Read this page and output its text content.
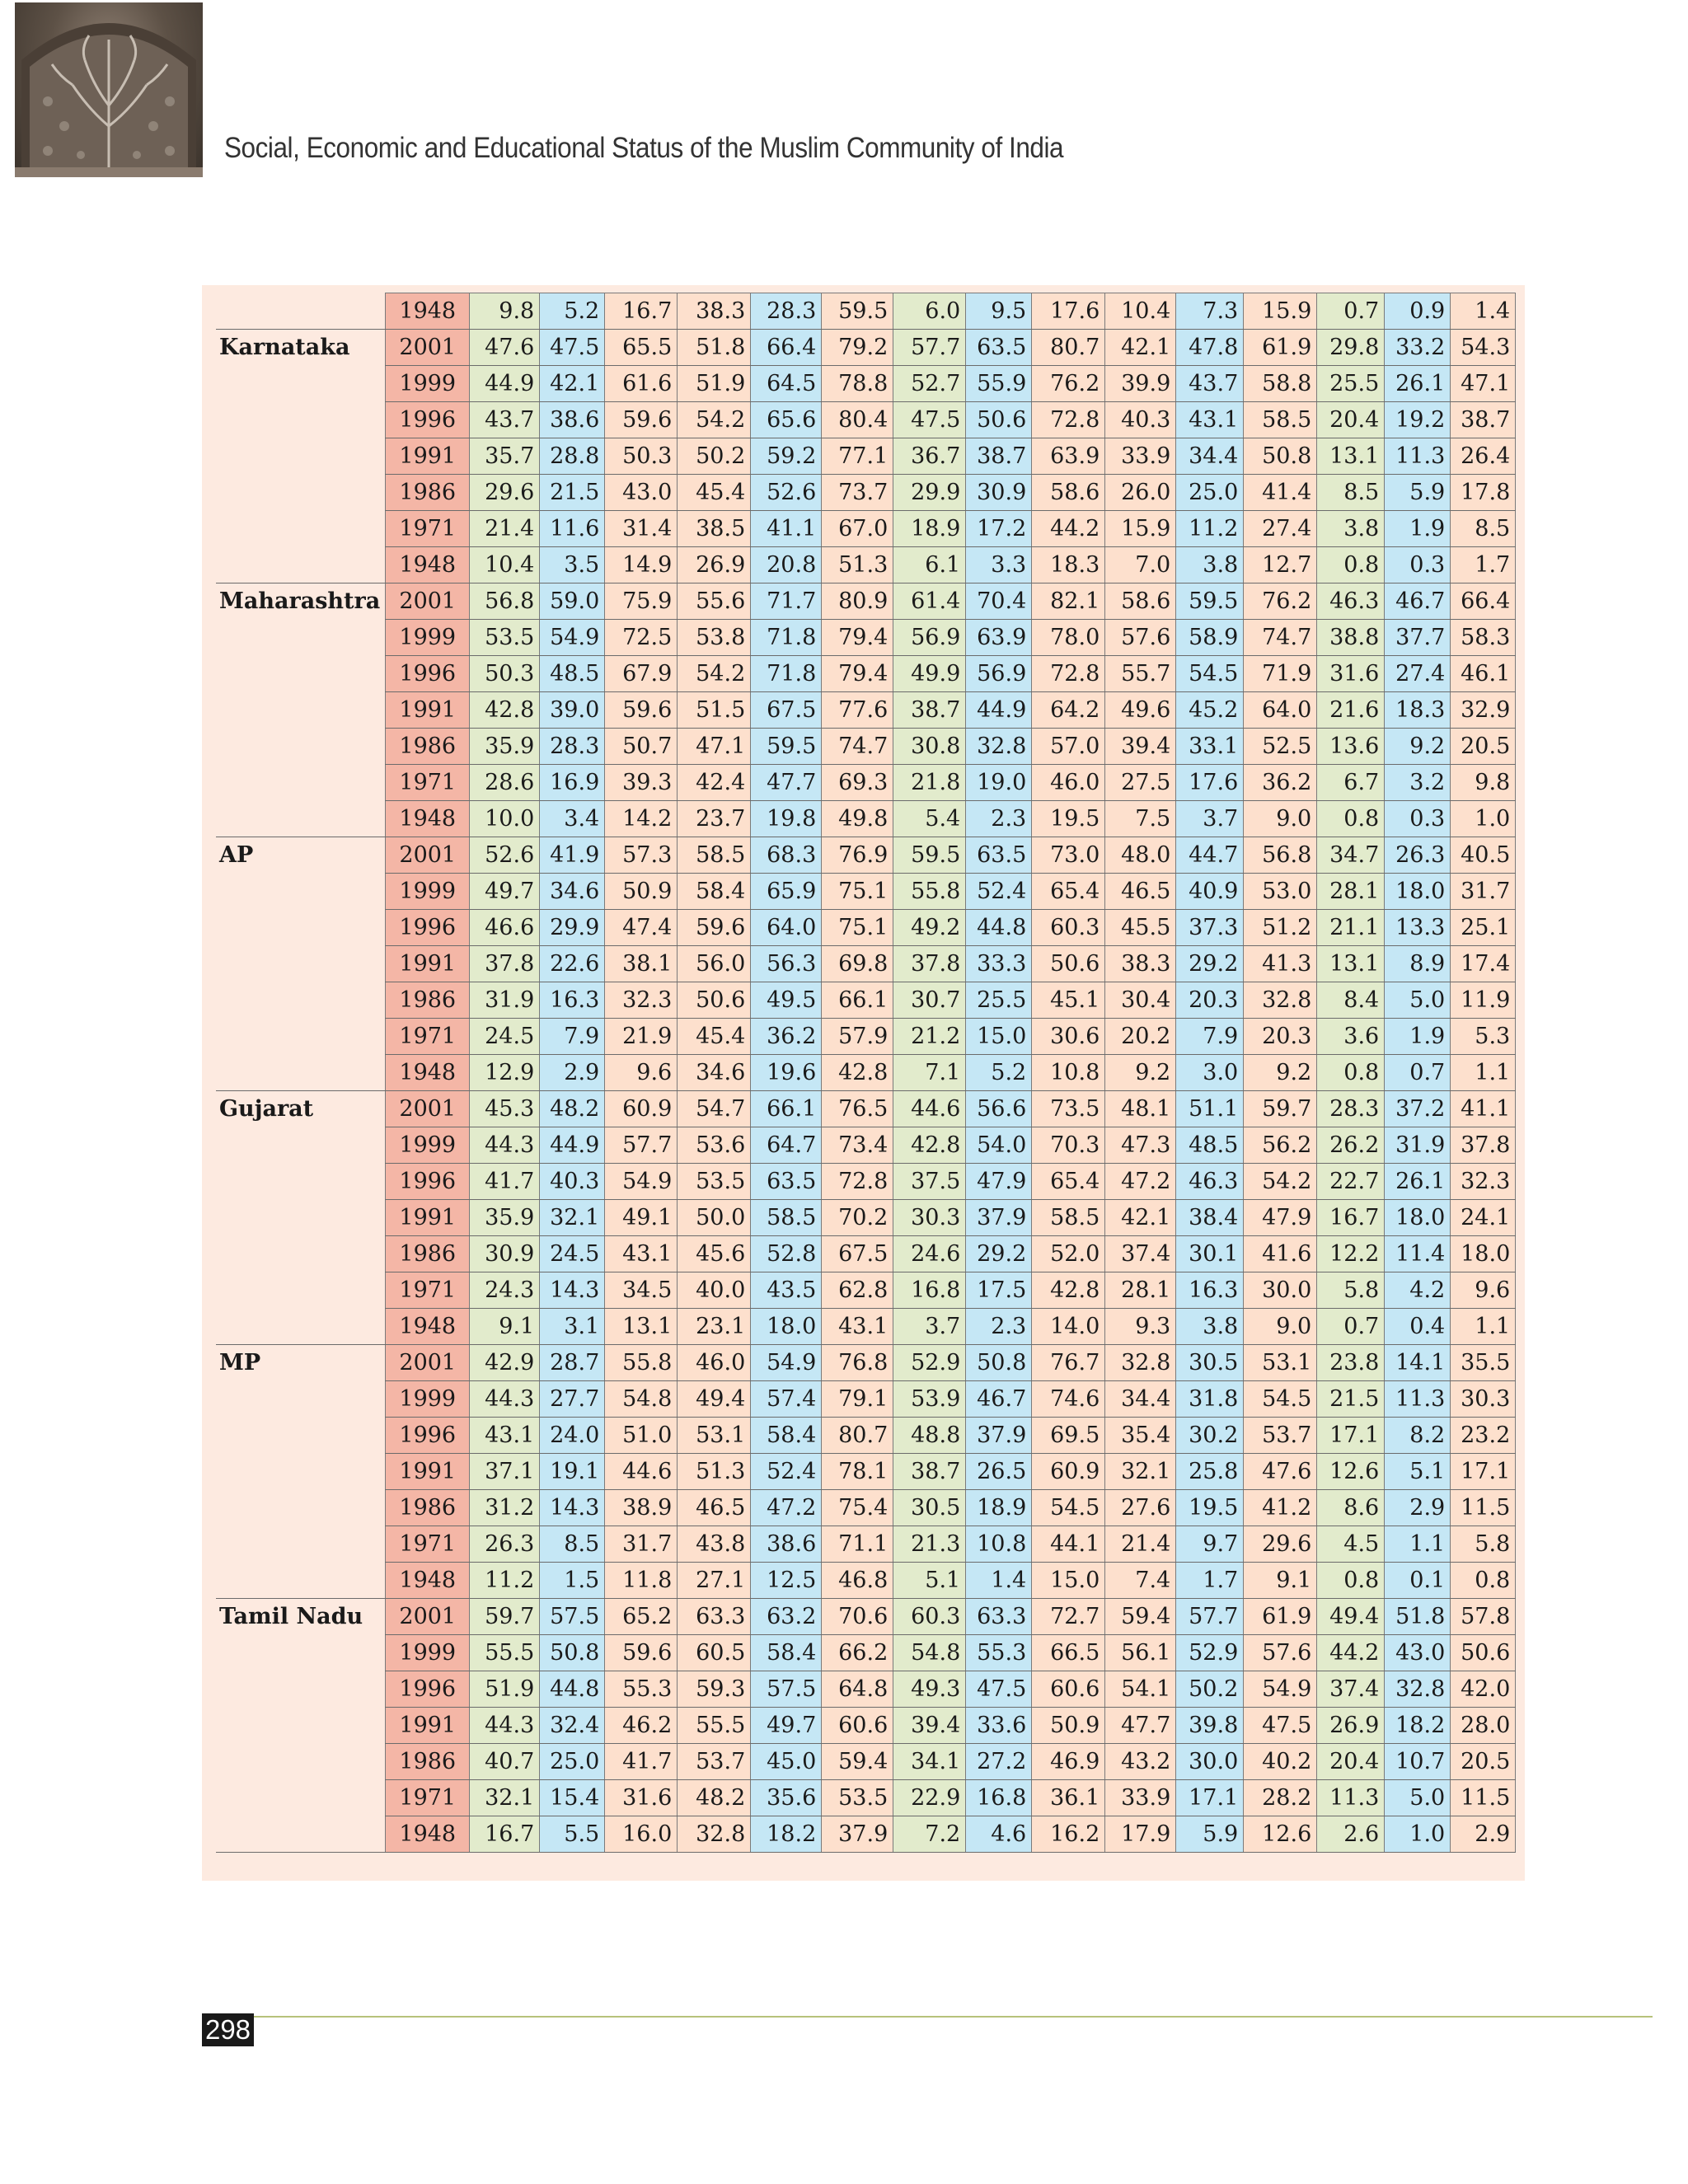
Social, Economic and Educational Status of the Muslim Community of India
	1948	9.8	5.2	16.7	38.3	28.3	59.5	6.0	9.5	17.6	10.4	7.3	15.9	0.7	0.9	1.4
Karnataka	2001	47.6	47.5	65.5	51.8	66.4	79.2	57.7	63.5	80.7	42.1	47.8	61.9	29.8	33.2	54.3
	1999	44.9	42.1	61.6	51.9	64.5	78.8	52.7	55.9	76.2	39.9	43.7	58.8	25.5	26.1	47.1
	1996	43.7	38.6	59.6	54.2	65.6	80.4	47.5	50.6	72.8	40.3	43.1	58.5	20.4	19.2	38.7
	1991	35.7	28.8	50.3	50.2	59.2	77.1	36.7	38.7	63.9	33.9	34.4	50.8	13.1	11.3	26.4
	1986	29.6	21.5	43.0	45.4	52.6	73.7	29.9	30.9	58.6	26.0	25.0	41.4	8.5	5.9	17.8
	1971	21.4	11.6	31.4	38.5	41.1	67.0	18.9	17.2	44.2	15.9	11.2	27.4	3.8	1.9	8.5
	1948	10.4	3.5	14.9	26.9	20.8	51.3	6.1	3.3	18.3	7.0	3.8	12.7	0.8	0.3	1.7
Maharashtra	2001	56.8	59.0	75.9	55.6	71.7	80.9	61.4	70.4	82.1	58.6	59.5	76.2	46.3	46.7	66.4
	1999	53.5	54.9	72.5	53.8	71.8	79.4	56.9	63.9	78.0	57.6	58.9	74.7	38.8	37.7	58.3
	1996	50.3	48.5	67.9	54.2	71.8	79.4	49.9	56.9	72.8	55.7	54.5	71.9	31.6	27.4	46.1
	1991	42.8	39.0	59.6	51.5	67.5	77.6	38.7	44.9	64.2	49.6	45.2	64.0	21.6	18.3	32.9
	1986	35.9	28.3	50.7	47.1	59.5	74.7	30.8	32.8	57.0	39.4	33.1	52.5	13.6	9.2	20.5
	1971	28.6	16.9	39.3	42.4	47.7	69.3	21.8	19.0	46.0	27.5	17.6	36.2	6.7	3.2	9.8
	1948	10.0	3.4	14.2	23.7	19.8	49.8	5.4	2.3	19.5	7.5	3.7	9.0	0.8	0.3	1.0
AP	2001	52.6	41.9	57.3	58.5	68.3	76.9	59.5	63.5	73.0	48.0	44.7	56.8	34.7	26.3	40.5
	1999	49.7	34.6	50.9	58.4	65.9	75.1	55.8	52.4	65.4	46.5	40.9	53.0	28.1	18.0	31.7
	1996	46.6	29.9	47.4	59.6	64.0	75.1	49.2	44.8	60.3	45.5	37.3	51.2	21.1	13.3	25.1
	1991	37.8	22.6	38.1	56.0	56.3	69.8	37.8	33.3	50.6	38.3	29.2	41.3	13.1	8.9	17.4
	1986	31.9	16.3	32.3	50.6	49.5	66.1	30.7	25.5	45.1	30.4	20.3	32.8	8.4	5.0	11.9
	1971	24.5	7.9	21.9	45.4	36.2	57.9	21.2	15.0	30.6	20.2	7.9	20.3	3.6	1.9	5.3
	1948	12.9	2.9	9.6	34.6	19.6	42.8	7.1	5.2	10.8	9.2	3.0	9.2	0.8	0.7	1.1
Gujarat	2001	45.3	48.2	60.9	54.7	66.1	76.5	44.6	56.6	73.5	48.1	51.1	59.7	28.3	37.2	41.1
	1999	44.3	44.9	57.7	53.6	64.7	73.4	42.8	54.0	70.3	47.3	48.5	56.2	26.2	31.9	37.8
	1996	41.7	40.3	54.9	53.5	63.5	72.8	37.5	47.9	65.4	47.2	46.3	54.2	22.7	26.1	32.3
	1991	35.9	32.1	49.1	50.0	58.5	70.2	30.3	37.9	58.5	42.1	38.4	47.9	16.7	18.0	24.1
	1986	30.9	24.5	43.1	45.6	52.8	67.5	24.6	29.2	52.0	37.4	30.1	41.6	12.2	11.4	18.0
	1971	24.3	14.3	34.5	40.0	43.5	62.8	16.8	17.5	42.8	28.1	16.3	30.0	5.8	4.2	9.6
	1948	9.1	3.1	13.1	23.1	18.0	43.1	3.7	2.3	14.0	9.3	3.8	9.0	0.7	0.4	1.1
MP	2001	42.9	28.7	55.8	46.0	54.9	76.8	52.9	50.8	76.7	32.8	30.5	53.1	23.8	14.1	35.5
	1999	44.3	27.7	54.8	49.4	57.4	79.1	53.9	46.7	74.6	34.4	31.8	54.5	21.5	11.3	30.3
	1996	43.1	24.0	51.0	53.1	58.4	80.7	48.8	37.9	69.5	35.4	30.2	53.7	17.1	8.2	23.2
	1991	37.1	19.1	44.6	51.3	52.4	78.1	38.7	26.5	60.9	32.1	25.8	47.6	12.6	5.1	17.1
	1986	31.2	14.3	38.9	46.5	47.2	75.4	30.5	18.9	54.5	27.6	19.5	41.2	8.6	2.9	11.5
	1971	26.3	8.5	31.7	43.8	38.6	71.1	21.3	10.8	44.1	21.4	9.7	29.6	4.5	1.1	5.8
	1948	11.2	1.5	11.8	27.1	12.5	46.8	5.1	1.4	15.0	7.4	1.7	9.1	0.8	0.1	0.8
Tamil Nadu	2001	59.7	57.5	65.2	63.3	63.2	70.6	60.3	63.3	72.7	59.4	57.7	61.9	49.4	51.8	57.8
	1999	55.5	50.8	59.6	60.5	58.4	66.2	54.8	55.3	66.5	56.1	52.9	57.6	44.2	43.0	50.6
	1996	51.9	44.8	55.3	59.3	57.5	64.8	49.3	47.5	60.6	54.1	50.2	54.9	37.4	32.8	42.0
	1991	44.3	32.4	46.2	55.5	49.7	60.6	39.4	33.6	50.9	47.7	39.8	47.5	26.9	18.2	28.0
	1986	40.7	25.0	41.7	53.7	45.0	59.4	34.1	27.2	46.9	43.2	30.0	40.2	20.4	10.7	20.5
	1971	32.1	15.4	31.6	48.2	35.6	53.5	22.9	16.8	36.1	33.9	17.1	28.2	11.3	5.0	11.5
	1948	16.7	5.5	16.0	32.8	18.2	37.9	7.2	4.6	16.2	17.9	5.9	12.6	2.6	1.0	2.9
298
